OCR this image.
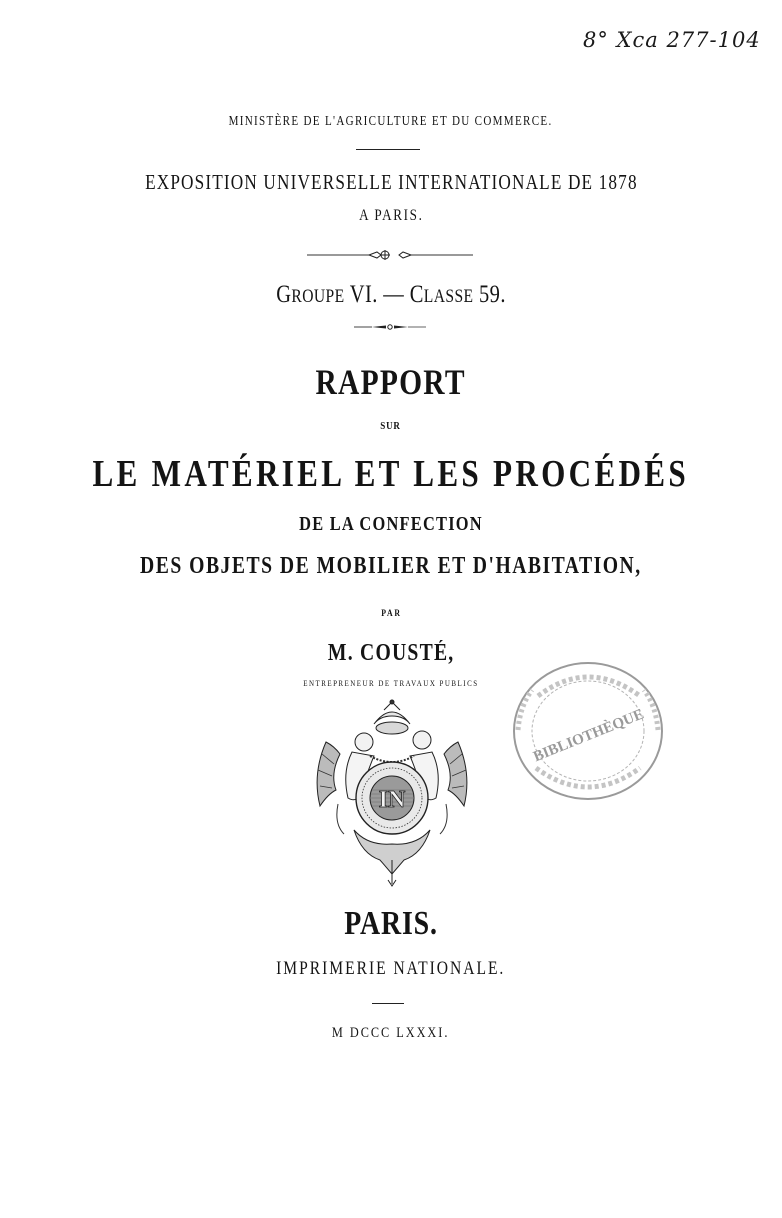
8° Xca 277-104
MINISTÈRE DE L'AGRICULTURE ET DU COMMERCE.
EXPOSITION UNIVERSELLE INTERNATIONALE DE 1878
A PARIS.
GROUPE VI. — CLASSE 59.
RAPPORT
SUR
LE MATÉRIEL ET LES PROCÉDÉS
DE LA CONFECTION
DES OBJETS DE MOBILIER ET D'HABITATION,
PAR
M. COUSTÉ,
ENTREPRENEUR DE TRAVAUX PUBLICS
IN
BIBLIOTHÈQUE
PARIS.
IMPRIMERIE NATIONALE.
M DCCC LXXXI.
